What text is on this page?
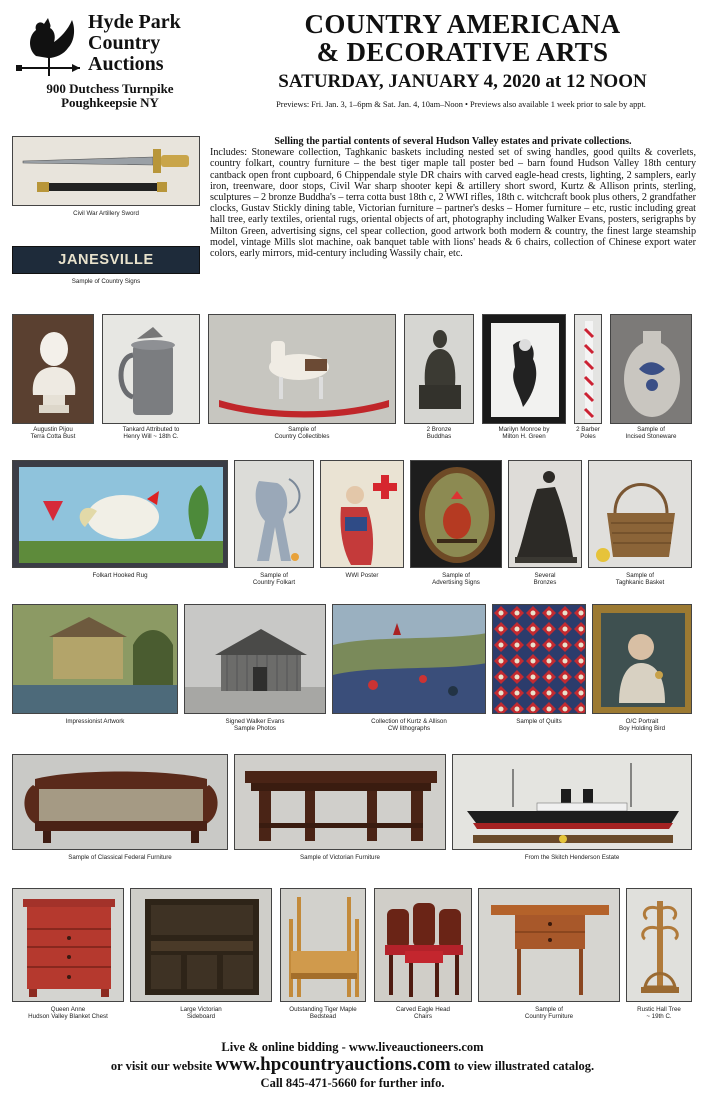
Hyde Park
Country
Auctions
900 Dutchess Turnpike
Poughkeepsie NY
COUNTRY AMERICANA
& DECORATIVE ARTS
SATURDAY, JANUARY 4, 2020 at 12 NOON
Previews: Fri. Jan. 3, 1–6pm & Sat. Jan. 4, 10am–Noon • Previews also available 1 week prior to sale by appt.
Civil War Artillery Sword
JANESVILLE
Sample of Country Signs
Selling the partial contents of several Hudson Valley estates and private collections.
Includes: Stoneware collection, Taghkanic baskets including nested set of swing handles, good quilts & coverlets, country folkart, country furniture – the best tiger maple tall poster bed – barn found Hudson Valley 18th century cantback open front cupboard, 6 Chippendale style DR chairs with carved eagle-head crests, lighting, 2 samplers, early iron, treenware, door stops, Civil War sharp shooter kepi & artillery short sword, Kurtz & Allison prints, sterling, sculptures – 2 bronze Buddha's – terra cotta bust 18th c, 2 WWI rifles, 18th c. witchcraft book plus others, 2 grandfather clocks, Gustav Stickly dining table, Victorian furniture – partner's desks – Homer furniture – etc, rustic including great hall tree, early textiles, oriental rugs, oriental objects of art, photography including Walker Evans, posters, serigraphs by Milton Green, advertising signs, cel spear collection, good artwork both modern & country, the finest large steamship model, vintage Mills slot machine, oak banquet table with lions' heads & 6 chairs, collection of Chinese export water colors, early mirrors, mid-century including Wassily chair, etc.
Augustin Pijou
Terra Cotta Bust
Tankard Attributed to
Henry Will ~ 18th C.
Sample of
Country Collectibles
2 Bronze
Buddhas
Marilyn Monroe by
Milton H. Green
2 Barber
Poles
Sample of
Incised Stoneware
Folkart Hooked Rug	Sample of
Country Folkart
WWI Poster	Sample of
Advertising Signs
Several
Bronzes
Sample of
Taghkanic Basket
Impressionist Artwork	Signed Walker Evans
Sample Photos
Collection of Kurtz & Allison
CW lithographs
Sample of Quilts	O/C Portrait
Boy Holding Bird
Sample of Classical Federal Furniture	Sample of Victorian Furniture	From the Skitch Henderson Estate
Queen Anne
Hudson Valley Blanket Chest
Large Victorian
Sideboard
Outstanding Tiger Maple
Bedstead
Carved Eagle Head
Chairs
Sample of
Country Furniture
Rustic Hall Tree
~ 19th C.
Live & online bidding - www.liveauctioneers.com
or visit our website www.hpcountryauctions.com to view illustrated catalog.
Call 845-471-5660 for further info.
